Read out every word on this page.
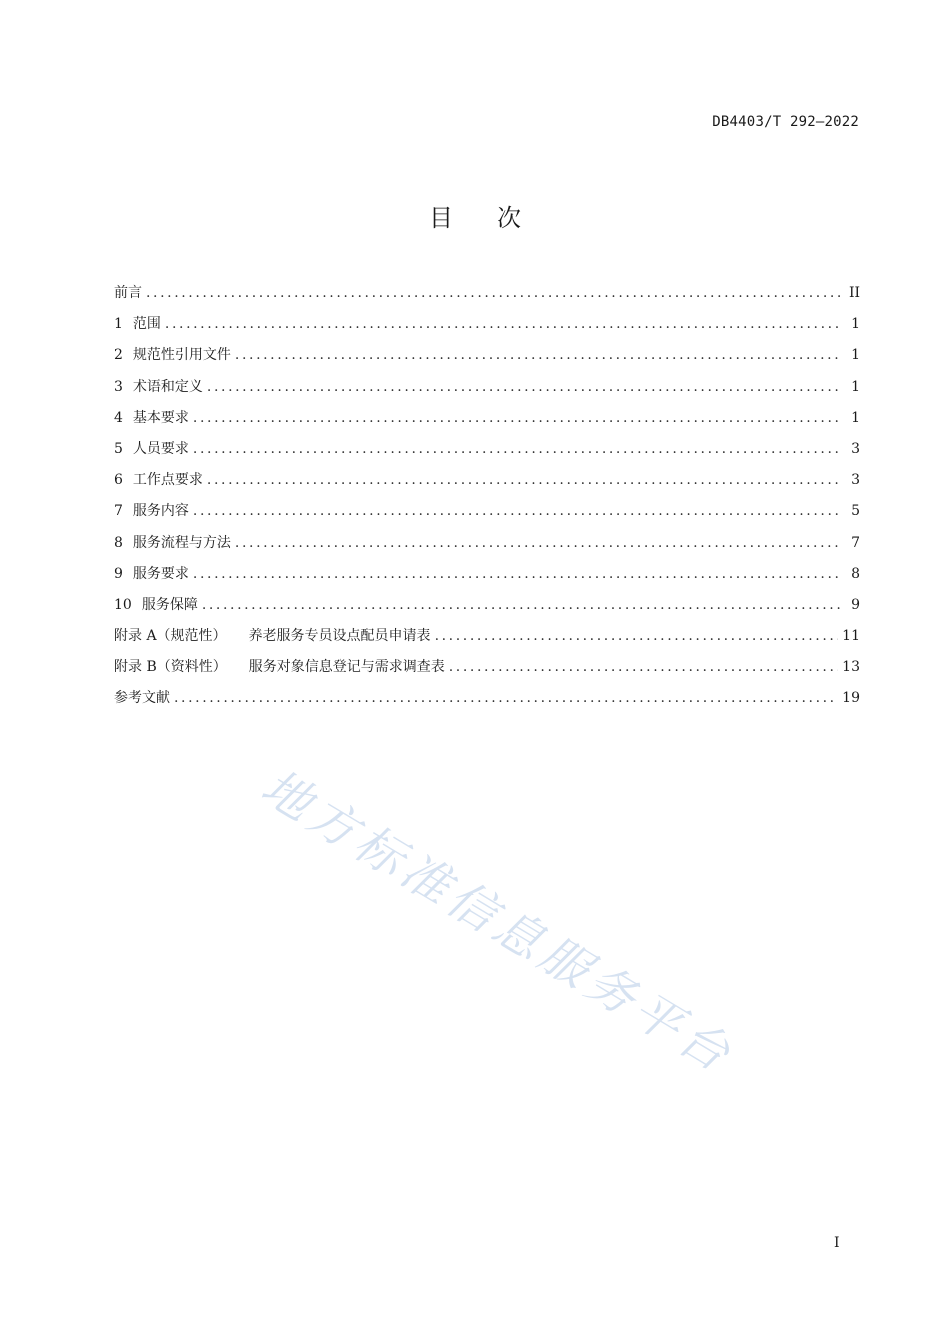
DB4403/T 292—2022
目次
前言 .....	II
1 范围 .....	1
2 规范性引用文件 .....	1
3 术语和定义 .....	1
4 基本要求 .....	1
5 人员要求 .....	3
6 工作点要求 .....	3
7 服务内容 .....	5
8 服务流程与方法 .....	7
9 服务要求 .....	8
10 服务保障 .....	9
附录 A（规范性） 养老服务专员设点配员申请表 .....	11
附录 B（资料性） 服务对象信息登记与需求调查表 .....	13
参考文献 .....	19
地方标准信息服务平台
I
